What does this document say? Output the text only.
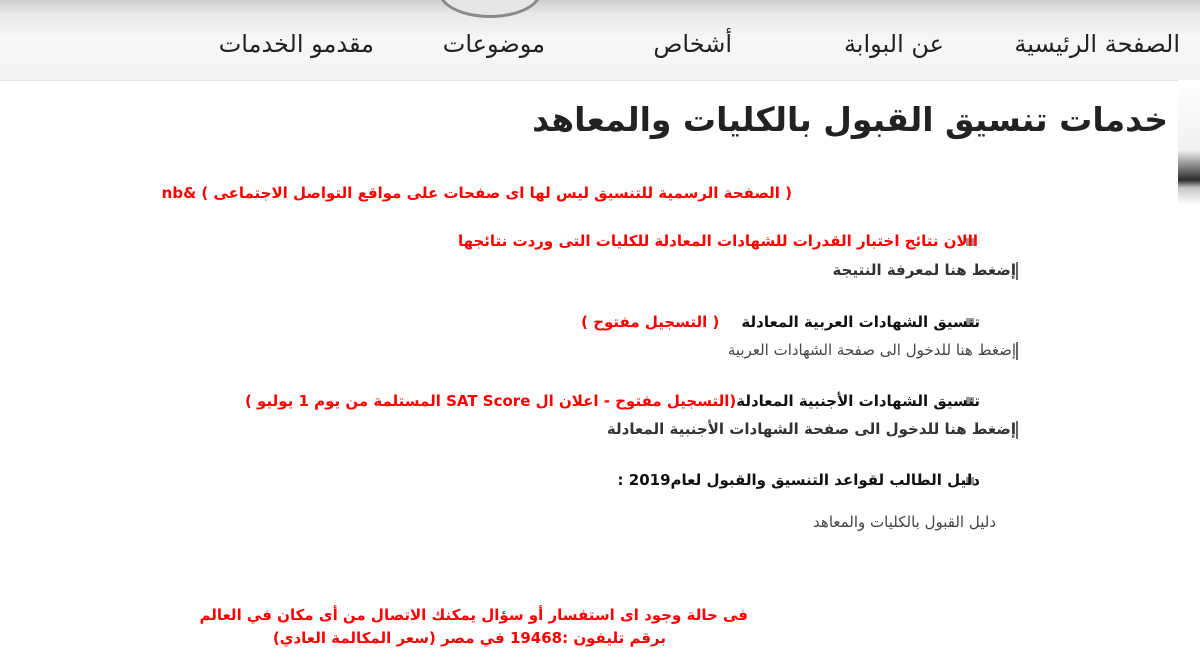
الصفحة الرئيسية
عن البوابة
أشخاص
موضوعات
مقدمو الخدمات
خدمات تنسيق القبول بالكليات والمعاهد
( الصفحة الرسمية للتنسيق ليس لها اى صفحات على مواقع التواصل الاجتماعى ) &nb
االان نتائج اختبار القدرات للشهادات المعادلة للكليات التى وردت نتائجها
إضغط هنا لمعرفة النتيجة
تنسيق الشهادات العربية المعادلة
( التسجيل مفتوح )
إضغط هنا للدخول الى صفحة الشهادات العربية
تنسيق الشهادات الأجنبية المعادلة
(التسجيل مفتوح - اعلان ال SAT Score المستلمة من يوم 1 يوليو )
إضغط هنا للدخول الى صفحة الشهادات الأجنبية المعادلة
دليل الطالب لقواعد التنسيق والقبول لعام2019 :
دليل القبول بالكليات والمعاهد
فى حالة وجود اى استفسار أو سؤال يمكنك الاتصال من أى مكان في العالم
برقم تليفون :19468 في مصر (سعر المكالمة العادي)
